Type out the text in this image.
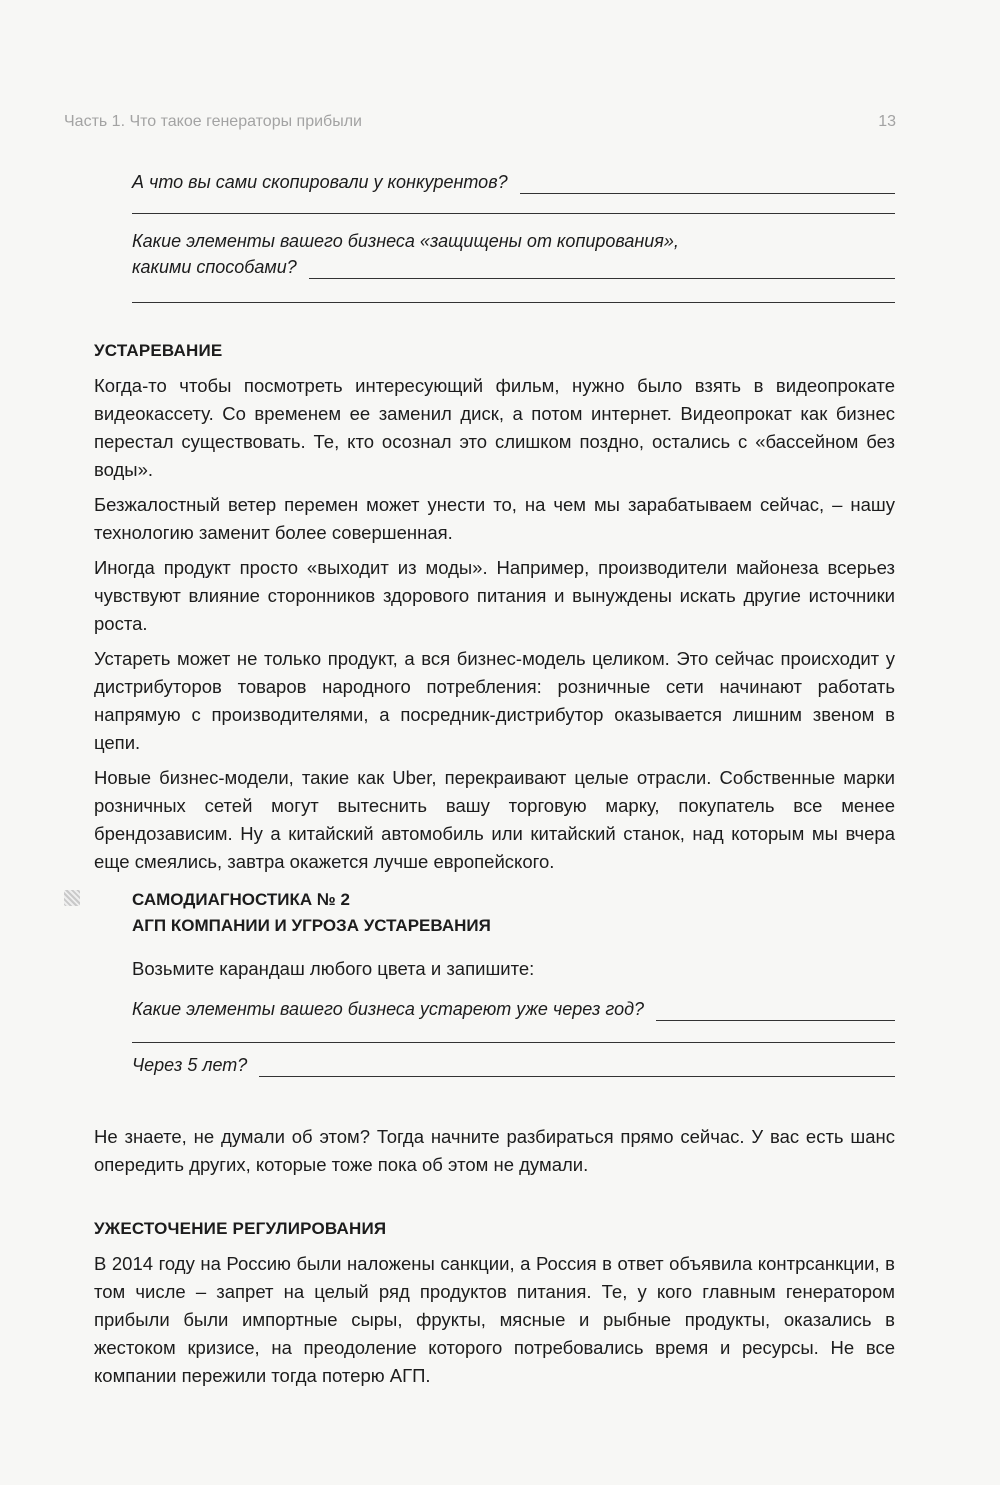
Часть 1. Что такое генераторы прибыли	13
А что вы сами скопировали у конкурентов?
Какие элементы вашего бизнеса «защищены от копирования»,
какими способами?
УСТАРЕВАНИЕ

Когда-то чтобы посмотреть интересующий фильм, нужно было взять в видеопрокате видеокассету. Со временем ее заменил диск, а потом интернет. Видеопрокат как бизнес перестал существовать. Те, кто осознал это слишком поздно, остались с «бассейном без воды».

Безжалостный ветер перемен может унести то, на чем мы зарабатываем сейчас, – нашу технологию заменит более совершенная.

Иногда продукт просто «выходит из моды». Например, производители майонеза всерьез чувствуют влияние сторонников здорового питания и вынуждены искать другие источники роста.

Устареть может не только продукт, а вся бизнес-модель целиком. Это сейчас происходит у дистрибуторов товаров народного потребления: розничные сети начинают работать напрямую с производителями, а посредник-дистрибутор оказывается лишним звеном в цепи.

Новые бизнес-модели, такие как Uber, перекраивают целые отрасли. Собственные марки розничных сетей могут вытеснить вашу торговую марку, покупатель все менее брендозависим. Ну а китайский автомобиль или китайский станок, над которым мы вчера еще смеялись, завтра окажется лучше европейского.

САМОДИАГНОСТИКА № 2
АГП КОМПАНИИ И УГРОЗА УСТАРЕВАНИЯ
Возьмите карандаш любого цвета и запишите:
Какие элементы вашего бизнеса устареют уже через год?
Через 5 лет?

Не знаете, не думали об этом? Тогда начните разбираться прямо сейчас. У вас есть шанс опередить других, которые тоже пока об этом не думали.

УЖЕСТОЧЕНИЕ РЕГУЛИРОВАНИЯ

В 2014 году на Россию были наложены санкции, а Россия в ответ объявила контрсанкции, в том числе – запрет на целый ряд продуктов питания. Те, у кого главным генератором прибыли были импортные сыры, фрукты, мясные и рыбные продукты, оказались в жестоком кризисе, на преодоление которого потребовались время и ресурсы. Не все компании пережили тогда потерю АГП.
